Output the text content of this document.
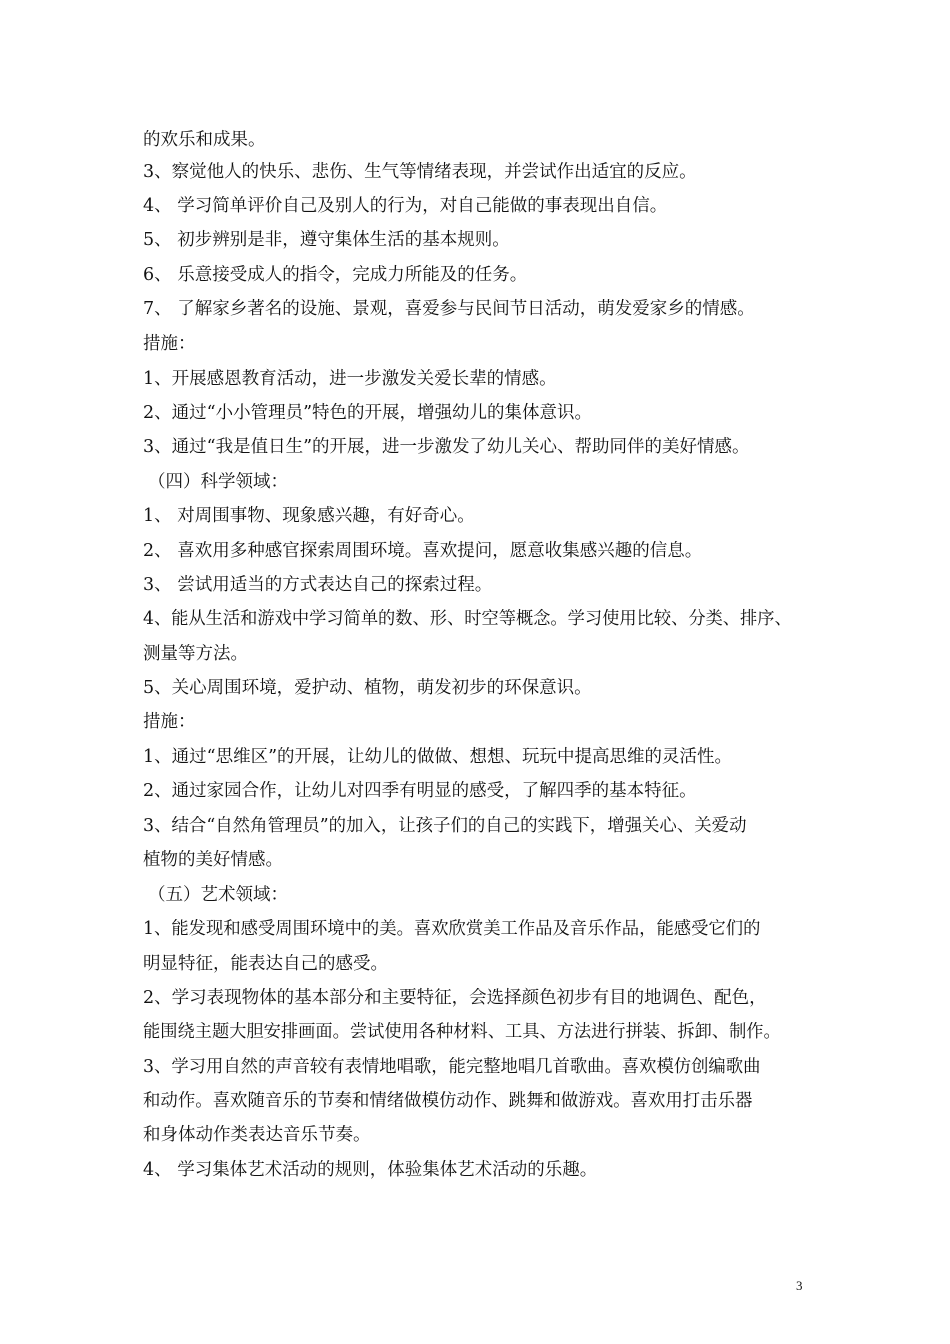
的欢乐和成果。
3、察觉他人的快乐、悲伤、生气等情绪表现，并尝试作出适宜的反应。
4、 学习简单评价自己及别人的行为，对自己能做的事表现出自信。
5、 初步辨别是非，遵守集体生活的基本规则。
6、 乐意接受成人的指令，完成力所能及的任务。
7、 了解家乡著名的设施、景观，喜爱参与民间节日活动，萌发爱家乡的情感。
措施：
1、开展感恩教育活动，进一步激发关爱长辈的情感。
2、通过“小小管理员”特色的开展，增强幼儿的集体意识。
3、通过“我是值日生”的开展，进一步激发了幼儿关心、帮助同伴的美好情感。
（四）科学领域：
1、 对周围事物、现象感兴趣，有好奇心。
2、 喜欢用多种感官探索周围环境。喜欢提问，愿意收集感兴趣的信息。
3、 尝试用适当的方式表达自己的探索过程。
4、能从生活和游戏中学习简单的数、形、时空等概念。学习使用比较、分类、排序、
测量等方法。
5、关心周围环境，爱护动、植物，萌发初步的环保意识。
措施：
1、通过“思维区”的开展，让幼儿的做做、想想、玩玩中提高思维的灵活性。
2、通过家园合作，让幼儿对四季有明显的感受，了解四季的基本特征。
3、结合“自然角管理员”的加入，让孩子们的自己的实践下，增强关心、关爱动
植物的美好情感。
（五）艺术领域：
1、能发现和感受周围环境中的美。喜欢欣赏美工作品及音乐作品，能感受它们的
明显特征，能表达自己的感受。
2、学习表现物体的基本部分和主要特征，会选择颜色初步有目的地调色、配色，
能围绕主题大胆安排画面。尝试使用各种材料、工具、方法进行拼装、拆卸、制作。
3、学习用自然的声音较有表情地唱歌，能完整地唱几首歌曲。喜欢模仿创编歌曲
和动作。喜欢随音乐的节奏和情绪做模仿动作、跳舞和做游戏。喜欢用打击乐器
和身体动作类表达音乐节奏。
4、 学习集体艺术活动的规则，体验集体艺术活动的乐趣。
3
